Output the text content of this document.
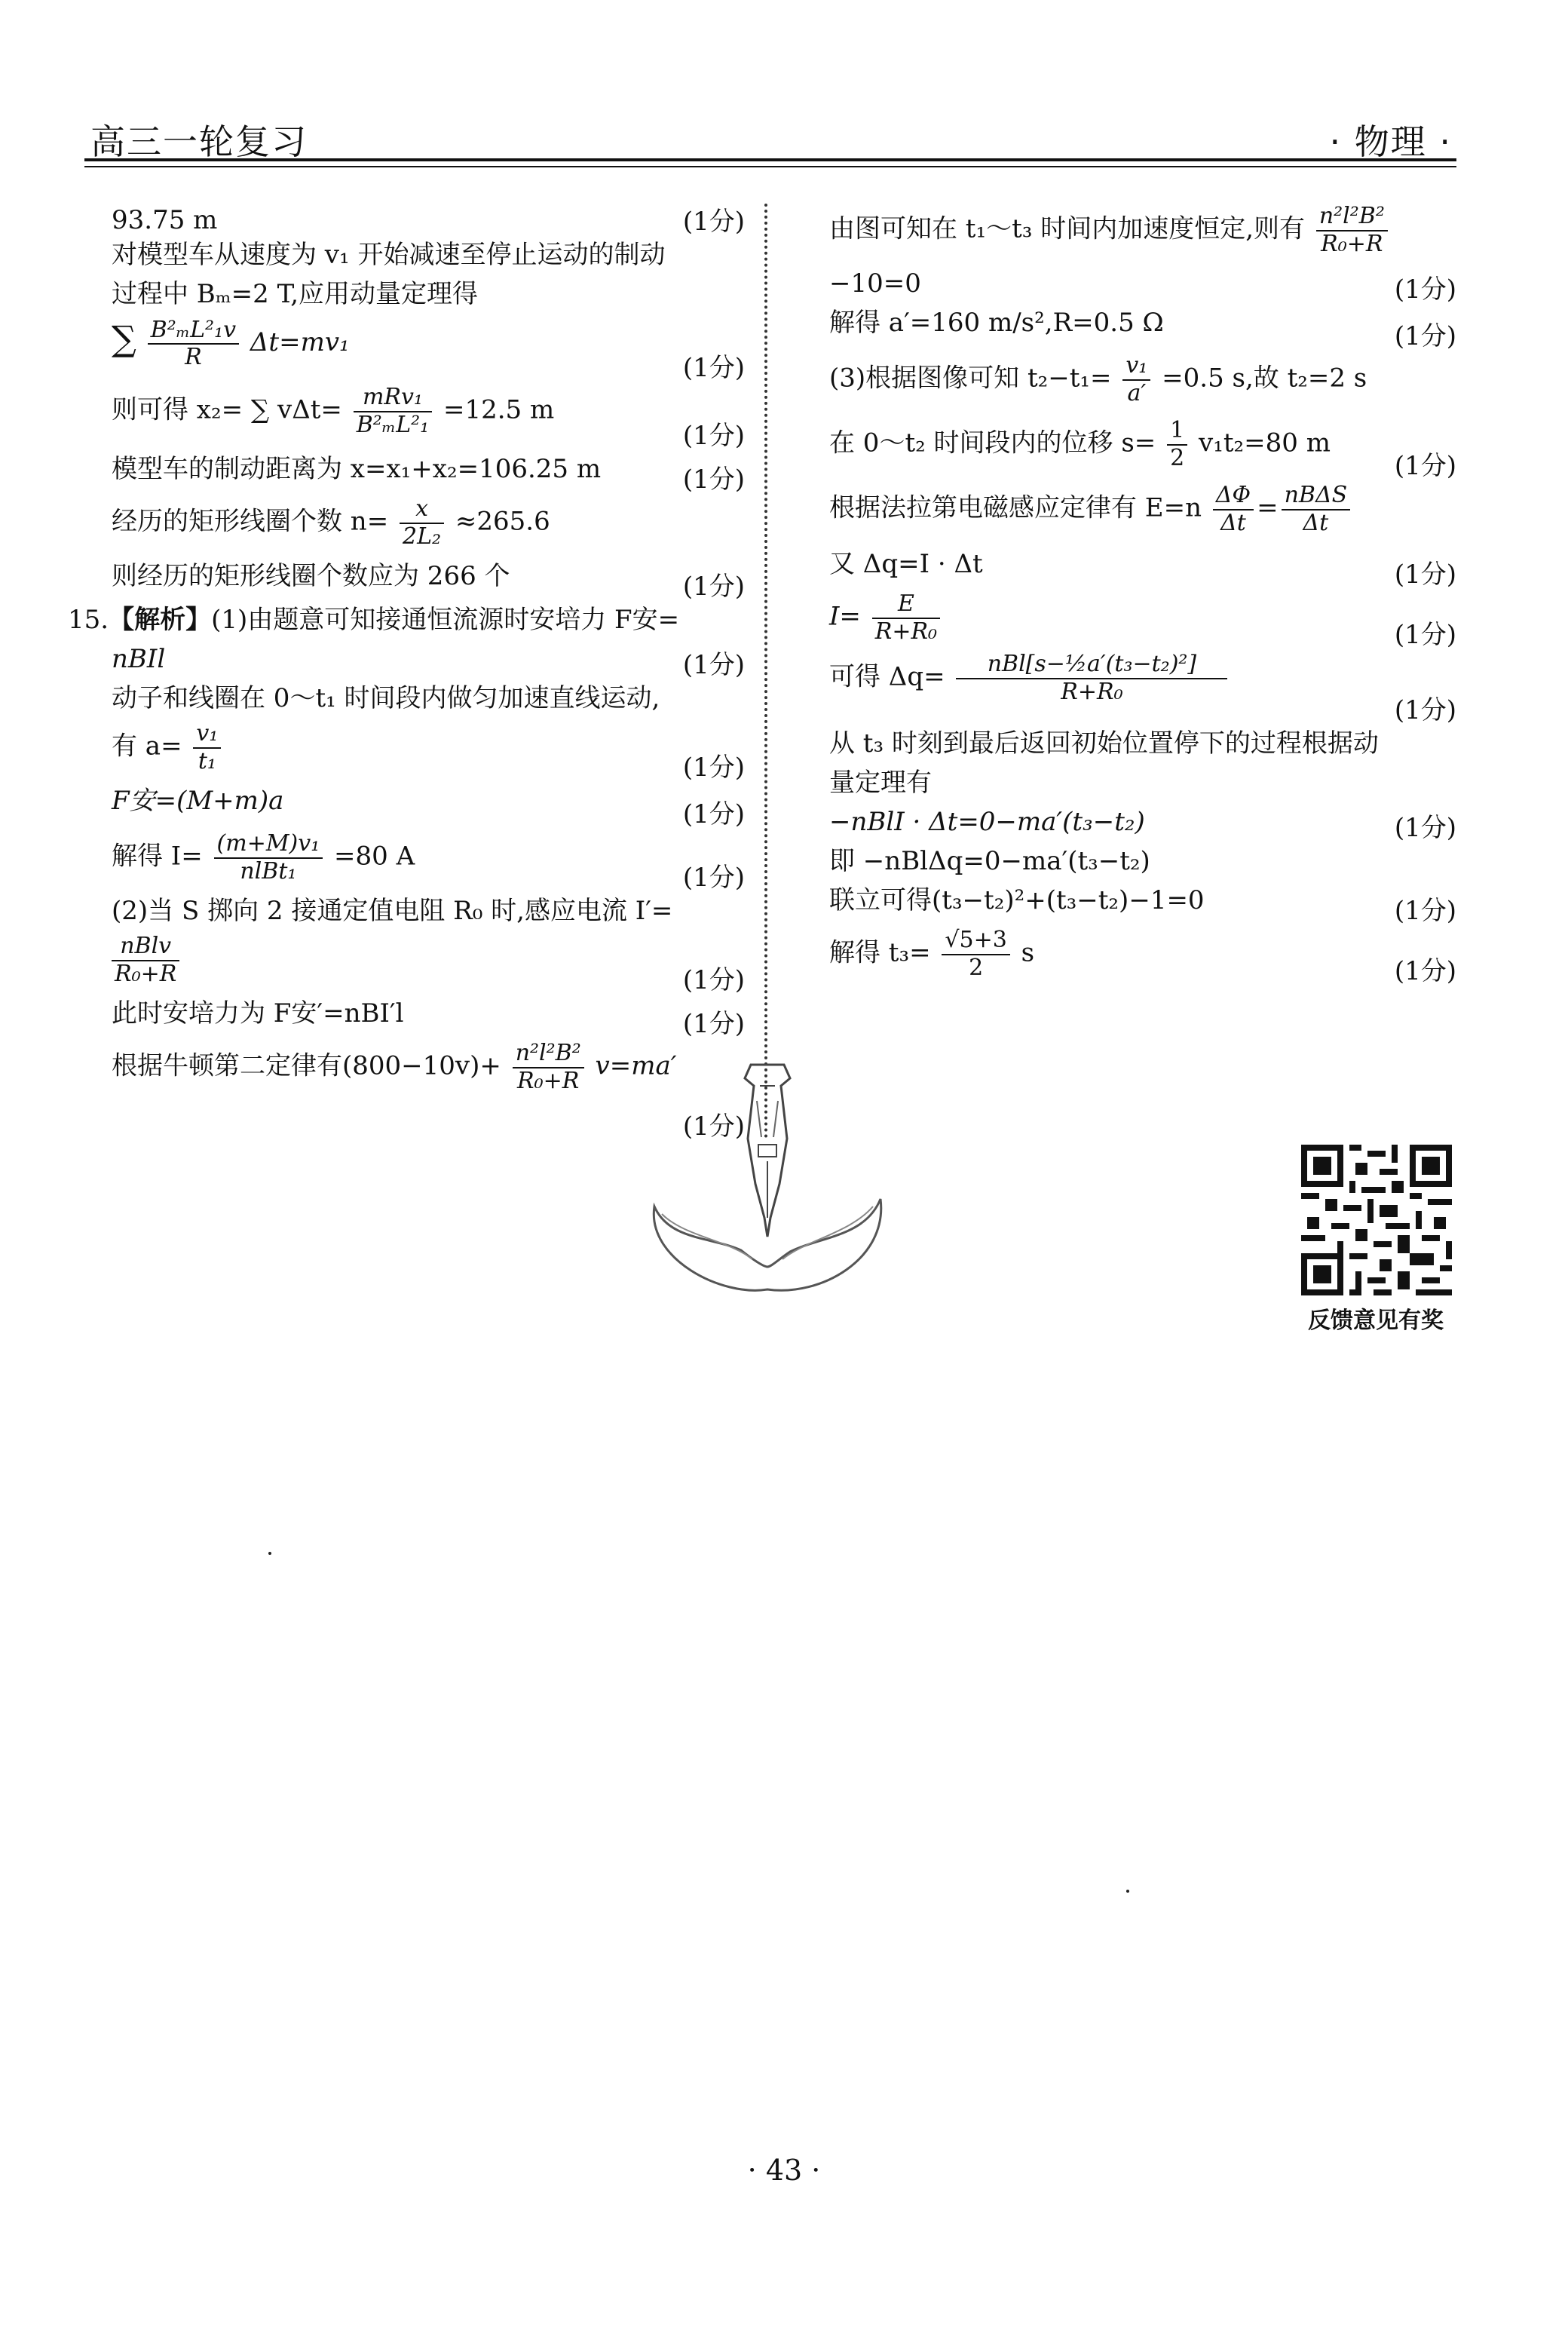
高三一轮复习	· 物理 ·
93.75 m	(1分)
对模型车从速度为 v₁ 开始减速至停止运动的制动
过程中 Bₘ=2 T,应用动量定理得
∑ $\frac{\text{B²ₘL²₁v}}{R} \Delta t=mv_1$
(1分)
则可得 x₂= ∑ $v\Delta t= \frac{\text{mRv₁}}{\text{B²ₘL²₁}} =12.5$ m
(1分)
模型车的制动距离为 x=x₁+x₂=106.25 m	(1分)
经历的矩形线圈个数 $n= \frac{x}{\text{2L₂}} \approx 265.6$
则经历的矩形线圈个数应为 266 个	(1分)
15.【解析】(1)由题意可知接通恒流源时安培力 F安=
nBIl	(1分)
动子和线圈在 0～t₁ 时间段内做匀加速直线运动,
有 $a= \frac{\text{v₁}}{\text{t₁}}$	(1分)
F安=(M+m)a	(1分)
解得 $I= \frac{\text{(m+M)v₁}}{\text{nlBt₁}} =80$ A
(1分)
(2)当 S 掷向 2 接通定值电阻 R₀ 时,感应电流 I′=
$\frac{\text{nBlv}}{\text{R₀+R}}$	(1分)
此时安培力为 F安′=nBI′l	(1分)
根据牛顿第二定律有$(800-10v)+ \frac{\text{n²l²B²}}{\text{R₀+R}} v=ma'$
(1分)
由图可知在 t₁～t₃ 时间内加速度恒定,则有 $\frac{\text{n²l²B²}}{\text{R₀+R}}$
−10=0	(1分)
解得 a′=160 m/s²,R=0.5 Ω	(1分)
(3)根据图像可知 $t_2-t_1= \frac{\text{v₁}}{a'} =0.5$ s,故 t₂=2 s
在 0～t₂ 时间段内的位移 $s= \frac{1}{2} v_1t_2=80$ m
(1分)
根据法拉第电磁感应定律有 $E=n \frac{\Delta\Phi}{\Delta t} = \frac{\text{nBΔS}}{\Delta t}$
又 Δq=I · Δt	(1分)
$I= \frac{E}{\text{R+R₀}}$	(1分)
可得 $\Delta q= \frac{\text{nBl[s−½a′(t₃−t₂)²]}}{\text{R+R₀}}$
(1分)
从 t₃ 时刻到最后返回初始位置停下的过程根据动
量定理有
−nBlI · Δt=0−ma′(t₃−t₂)	(1分)
即 −nBlΔq=0−ma′(t₃−t₂)
联立可得(t₃−t₂)²+(t₃−t₂)−1=0	(1分)
解得 $t_3= \frac{√5+3}{2}$ s
(1分)
反馈意见有奖
· 43 ·
